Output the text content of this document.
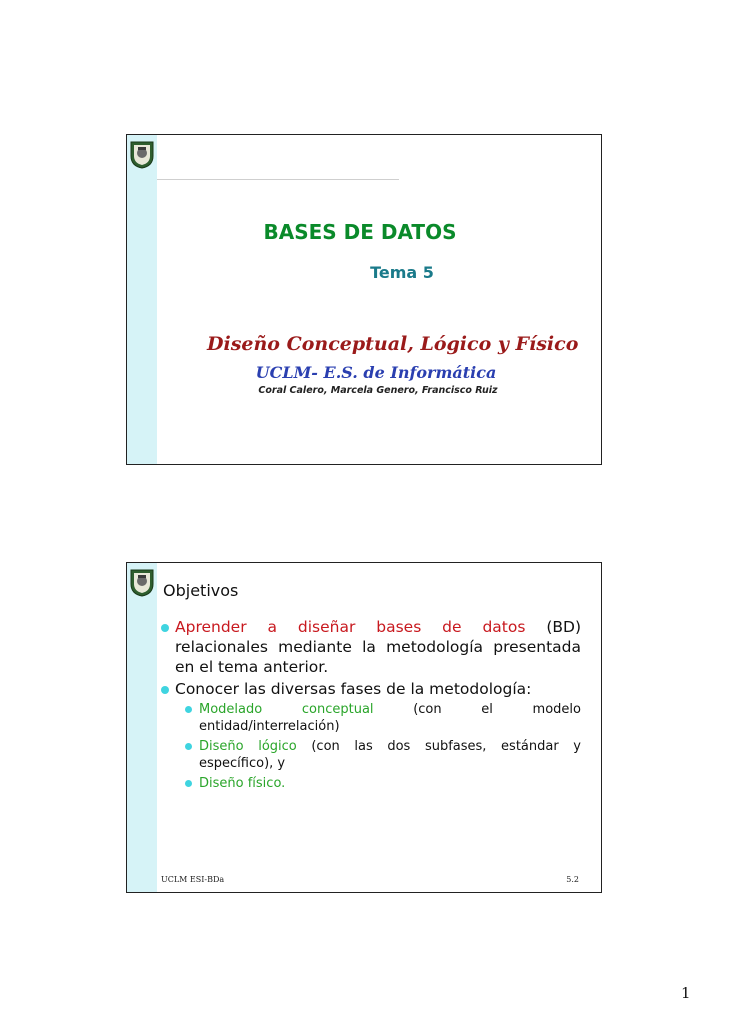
BASES DE DATOS
Tema 5
Diseño Conceptual, Lógico y Físico
UCLM- E.S. de Informática
Coral Calero, Marcela Genero, Francisco Ruiz
Objetivos
Aprender a diseñar bases de datos (BD) relacionales mediante la metodología presentada en el tema anterior.
Conocer las diversas fases de la metodología:
Modelado conceptual (con el modelo entidad/interrelación)
Diseño lógico (con las dos subfases, estándar y específico), y
Diseño físico.
UCLM ESI-BDa	5.2
1
